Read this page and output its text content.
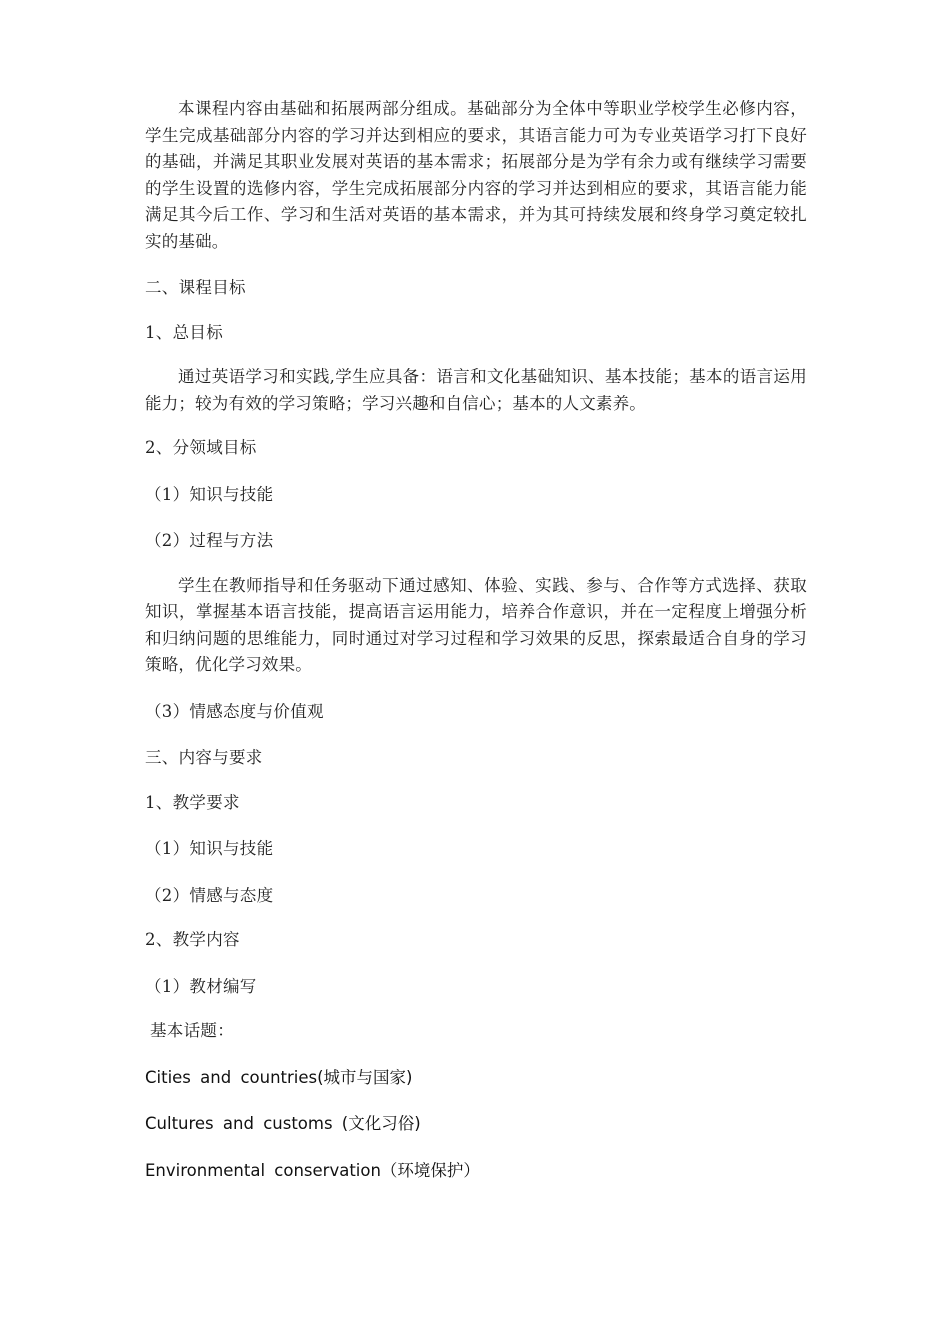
本课程内容由基础和拓展两部分组成。基础部分为全体中等职业学校学生必修内容，学生完成基础部分内容的学习并达到相应的要求，其语言能力可为专业英语学习打下良好的基础，并满足其职业发展对英语的基本需求；拓展部分是为学有余力或有继续学习需要的学生设置的选修内容，学生完成拓展部分内容的学习并达到相应的要求，其语言能力能满足其今后工作、学习和生活对英语的基本需求，并为其可持续发展和终身学习奠定较扎实的基础。

二、课程目标

1、总目标

通过英语学习和实践,学生应具备：语言和文化基础知识、基本技能；基本的语言运用能力；较为有效的学习策略；学习兴趣和自信心；基本的人文素养。

2、分领域目标

（1）知识与技能

（2）过程与方法

学生在教师指导和任务驱动下通过感知、体验、实践、参与、合作等方式选择、获取知识，掌握基本语言技能，提高语言运用能力，培养合作意识，并在一定程度上增强分析和归纳问题的思维能力，同时通过对学习过程和学习效果的反思，探索最适合自身的学习策略，优化学习效果。

（3）情感态度与价值观

三、内容与要求

1、教学要求

（1）知识与技能

（2）情感与态度

2、教学内容

（1）教材编写

基本话题：

Cities and countries(城市与国家)

Cultures and customs (文化习俗)

Environmental conservation（环境保护）
